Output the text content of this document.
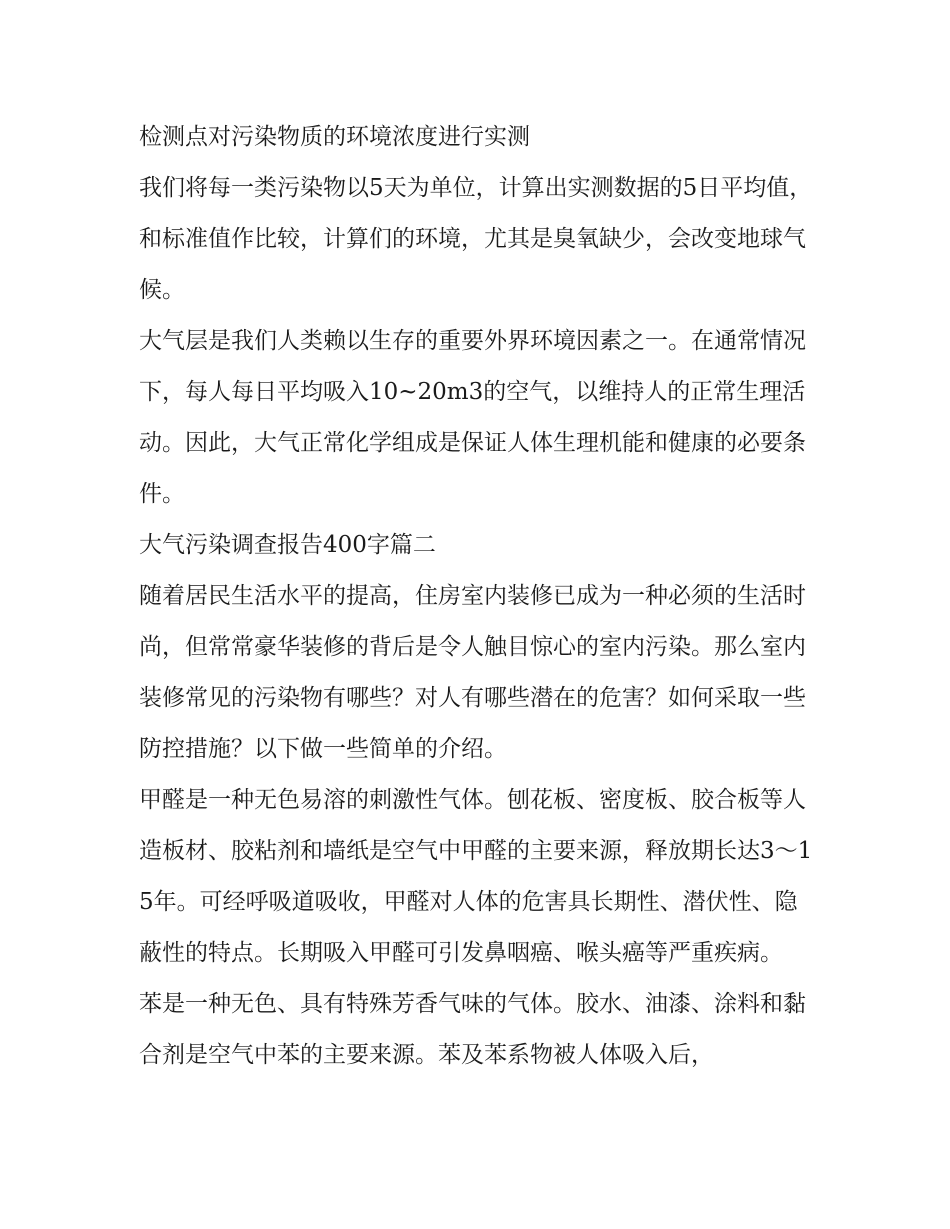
检测点对污染物质的环境浓度进行实测

我们将每一类污染物以5天为单位，计算出实测数据的5日平均值，和标准值作比较，计算们的环境，尤其是臭氧缺少，会改变地球气候。

大气层是我们人类赖以生存的重要外界环境因素之一。在通常情况下，每人每日平均吸入10~20m3的空气，以维持人的正常生理活动。因此，大气正常化学组成是保证人体生理机能和健康的必要条件。

大气污染调查报告400字篇二

随着居民生活水平的提高，住房室内装修已成为一种必须的生活时尚，但常常豪华装修的背后是令人触目惊心的室内污染。那么室内装修常见的污染物有哪些？对人有哪些潜在的危害？如何采取一些防控措施？以下做一些简单的介绍。

甲醛是一种无色易溶的刺激性气体。刨花板、密度板、胶合板等人造板材、胶粘剂和墙纸是空气中甲醛的主要来源，释放期长达3～15年。可经呼吸道吸收，甲醛对人体的危害具长期性、潜伏性、隐蔽性的特点。长期吸入甲醛可引发鼻咽癌、喉头癌等严重疾病。

苯是一种无色、具有特殊芳香气味的气体。胶水、油漆、涂料和黏合剂是空气中苯的主要来源。苯及苯系物被人体吸入后，
